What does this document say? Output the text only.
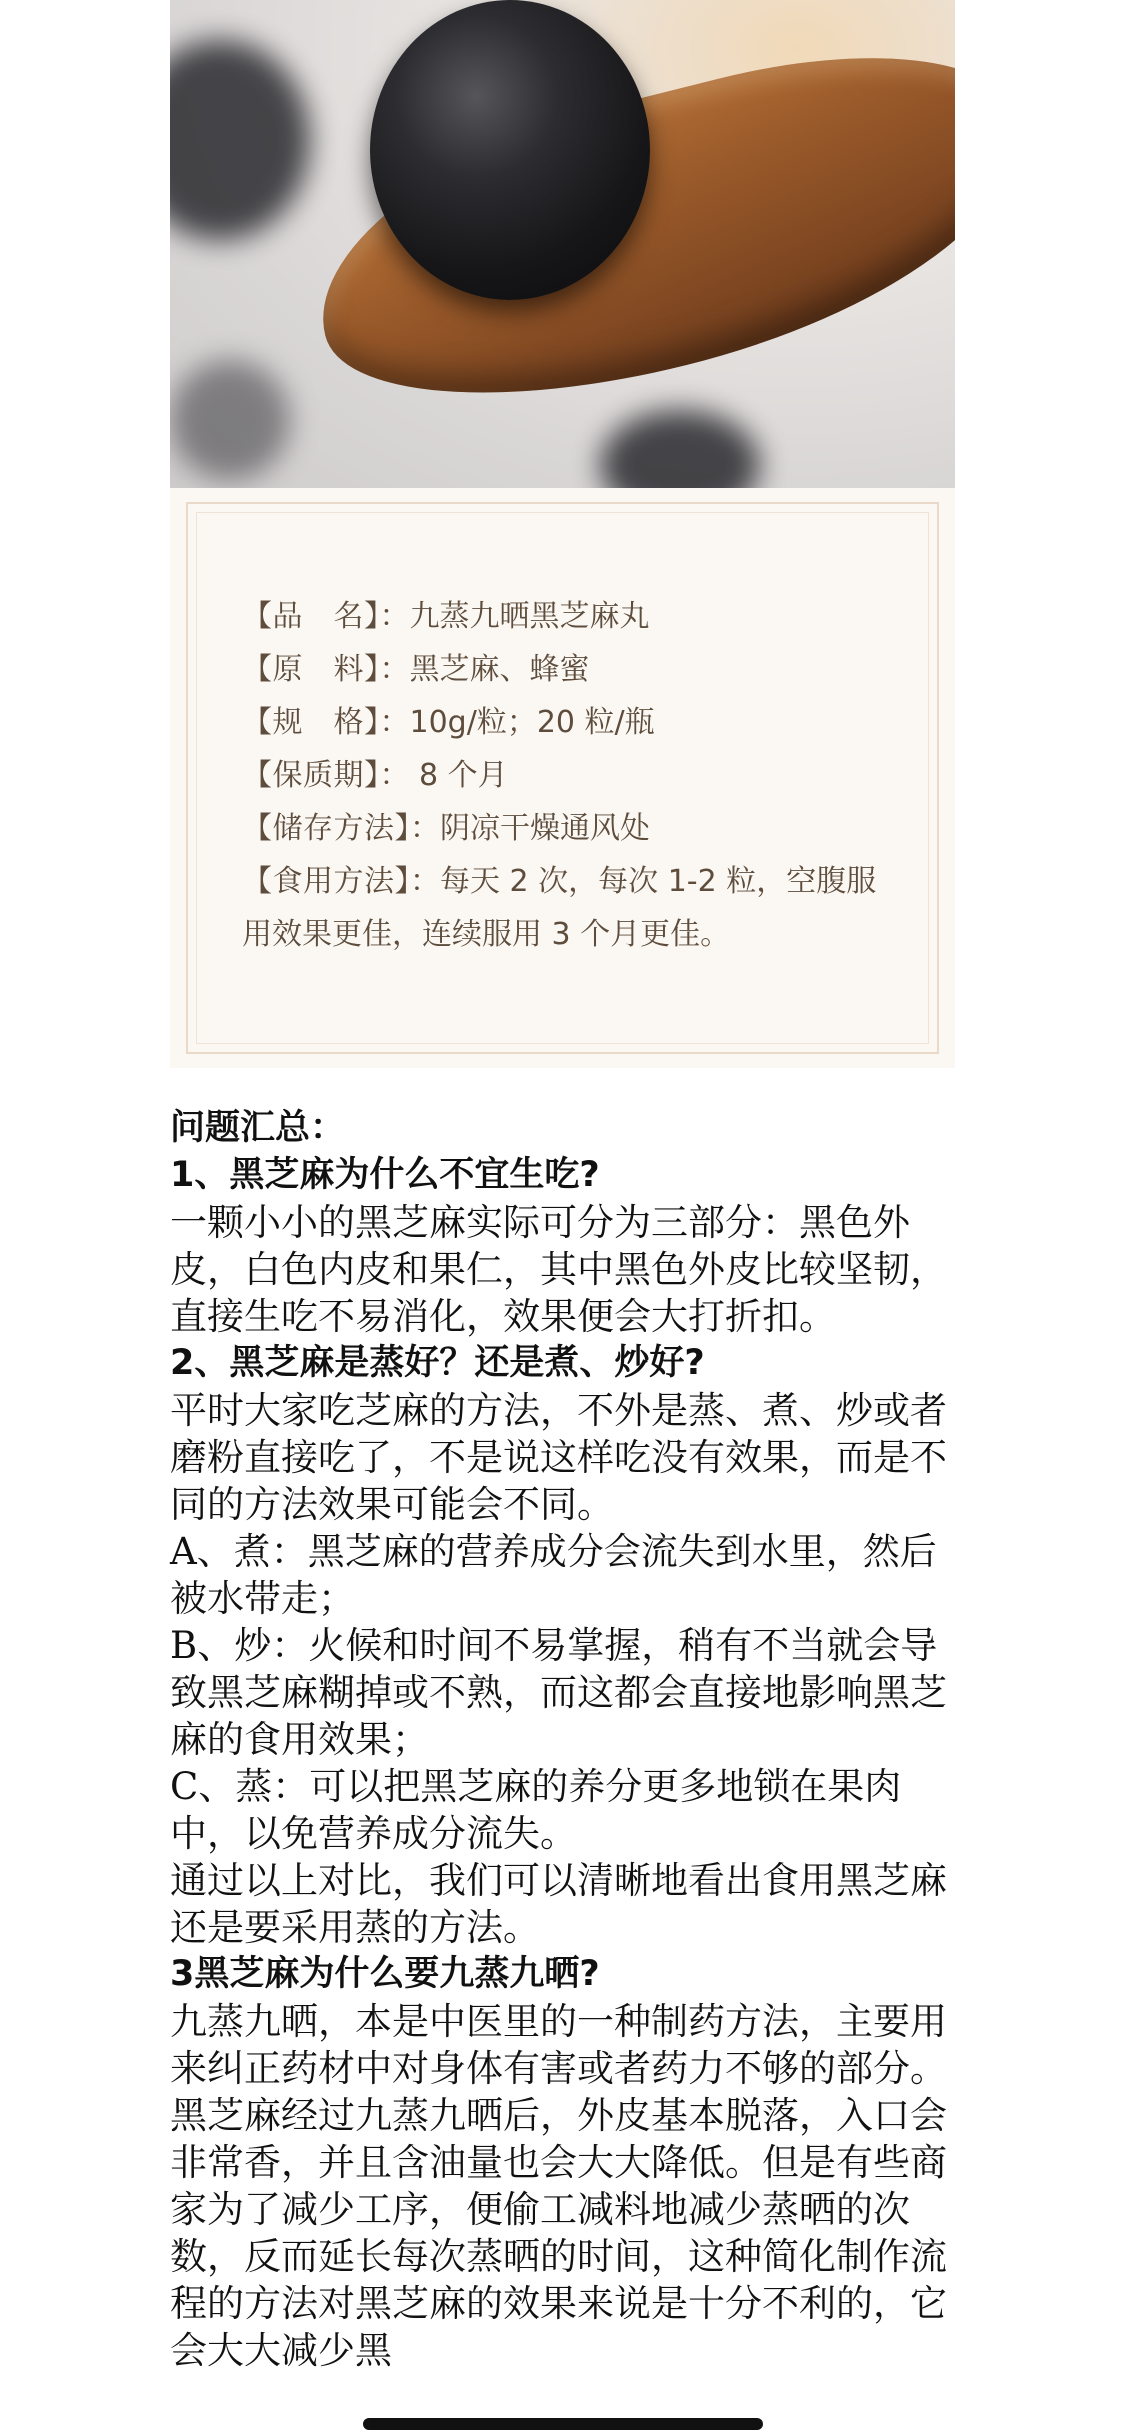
【品　名】：九蒸九晒黑芝麻丸
【原　料】：黑芝麻、蜂蜜
【规　格】：10g/粒；20 粒/瓶
【保质期】： 8 个月
【储存方法】：阴凉干燥通风处
【食用方法】：每天 2 次，每次 1-2 粒，空腹服用效果更佳，连续服用 3 个月更佳。

问题汇总：

1、黑芝麻为什么不宜生吃?

一颗小小的黑芝麻实际可分为三部分：黑色外皮，白色内皮和果仁，其中黑色外皮比较坚韧，直接生吃不易消化，效果便会大打折扣。

2、黑芝麻是蒸好？还是煮、炒好?

平时大家吃芝麻的方法，不外是蒸、煮、炒或者磨粉直接吃了，不是说这样吃没有效果，而是不同的方法效果可能会不同。

A、煮：黑芝麻的营养成分会流失到水里，然后被水带走；

B、炒：火候和时间不易掌握，稍有不当就会导致黑芝麻糊掉或不熟，而这都会直接地影响黑芝麻的食用效果；

C、蒸：可以把黑芝麻的养分更多地锁在果肉中，以免营养成分流失。

通过以上对比，我们可以清晰地看出食用黑芝麻还是要采用蒸的方法。

3黑芝麻为什么要九蒸九晒?

九蒸九晒，本是中医里的一种制药方法，主要用来纠正药材中对身体有害或者药力不够的部分。黑芝麻经过九蒸九晒后，外皮基本脱落，入口会非常香，并且含油量也会大大降低。但是有些商家为了减少工序，便偷工减料地减少蒸晒的次数，反而延长每次蒸晒的时间，这种简化制作流程的方法对黑芝麻的效果来说是十分不利的，它会大大减少黑
